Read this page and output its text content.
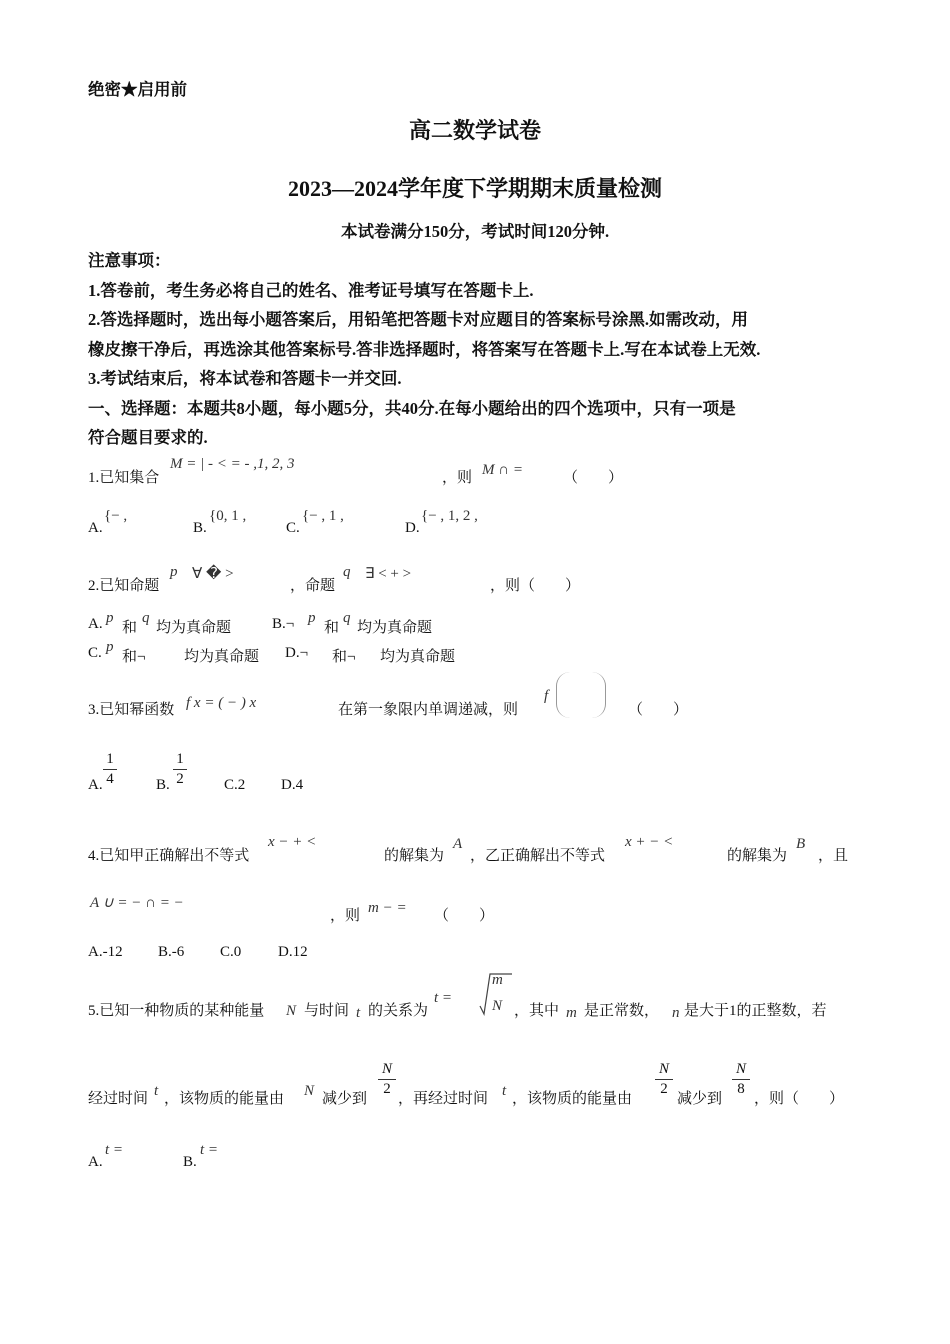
绝密★启用前
高二数学试卷
2023—2024学年度下学期期末质量检测
本试卷满分150分，考试时间120分钟.
注意事项：
1.答卷前，考生务必将自己的姓名、准考证号填写在答题卡上.
2.答选择题时，选出每小题答案后，用铅笔把答题卡对应题目的答案标号涂黑.如需改动，用
橡皮擦干净后，再选涂其他答案标号.答非选择题时，将答案写在答题卡上.写在本试卷上无效.
3.考试结束后，将本试卷和答题卡一并交回.
一、选择题：本题共8小题，每小题5分，共40分.在每小题给出的四个选项中，只有一项是
符合题目要求的.
1.已知集合
M = | - < = - ,1, 2, 3
，则 M ∩ =	（　　）
A.
{− ,
B.
{0, 1 ,
C.
{− , 1 ,
D.
{− , 1, 2 ,
2.已知命题
p ∀ � >
，命题
q ∃ < + >
，则（　　）
A. p
和
q
均为真命题	B.¬ p
和
q
均为真命题
C. p
和¬	均为真命题 D.¬ 和¬ 均为真命题
3.已知幂函数 f x = ( − ) x	在第一象限内单调递减，则
f
（　　）
A.
1
4	B.
1
2	C.2 D.4
4.已知甲正确解出不等式
x − + <
的解集为
A
，乙正确解出不等式
x + − <
的解集为
B
，且
A ∪ = − ∩ = −
，则 m − = （　　）
A.-12 B.-6 C.0 D.12
5.已知一种物质的某种能量 N 与时间 t 的关系为
t =
m
N ，其中 m 是正常数， n 是大于1的正整数，若
经过时间 t ，该物质的能量由 N 减少到
N
2
，再经过时间 t ，该物质的能量由
N
2
减少到
N
8
，则（　　）
A.
t =
B.
t =
